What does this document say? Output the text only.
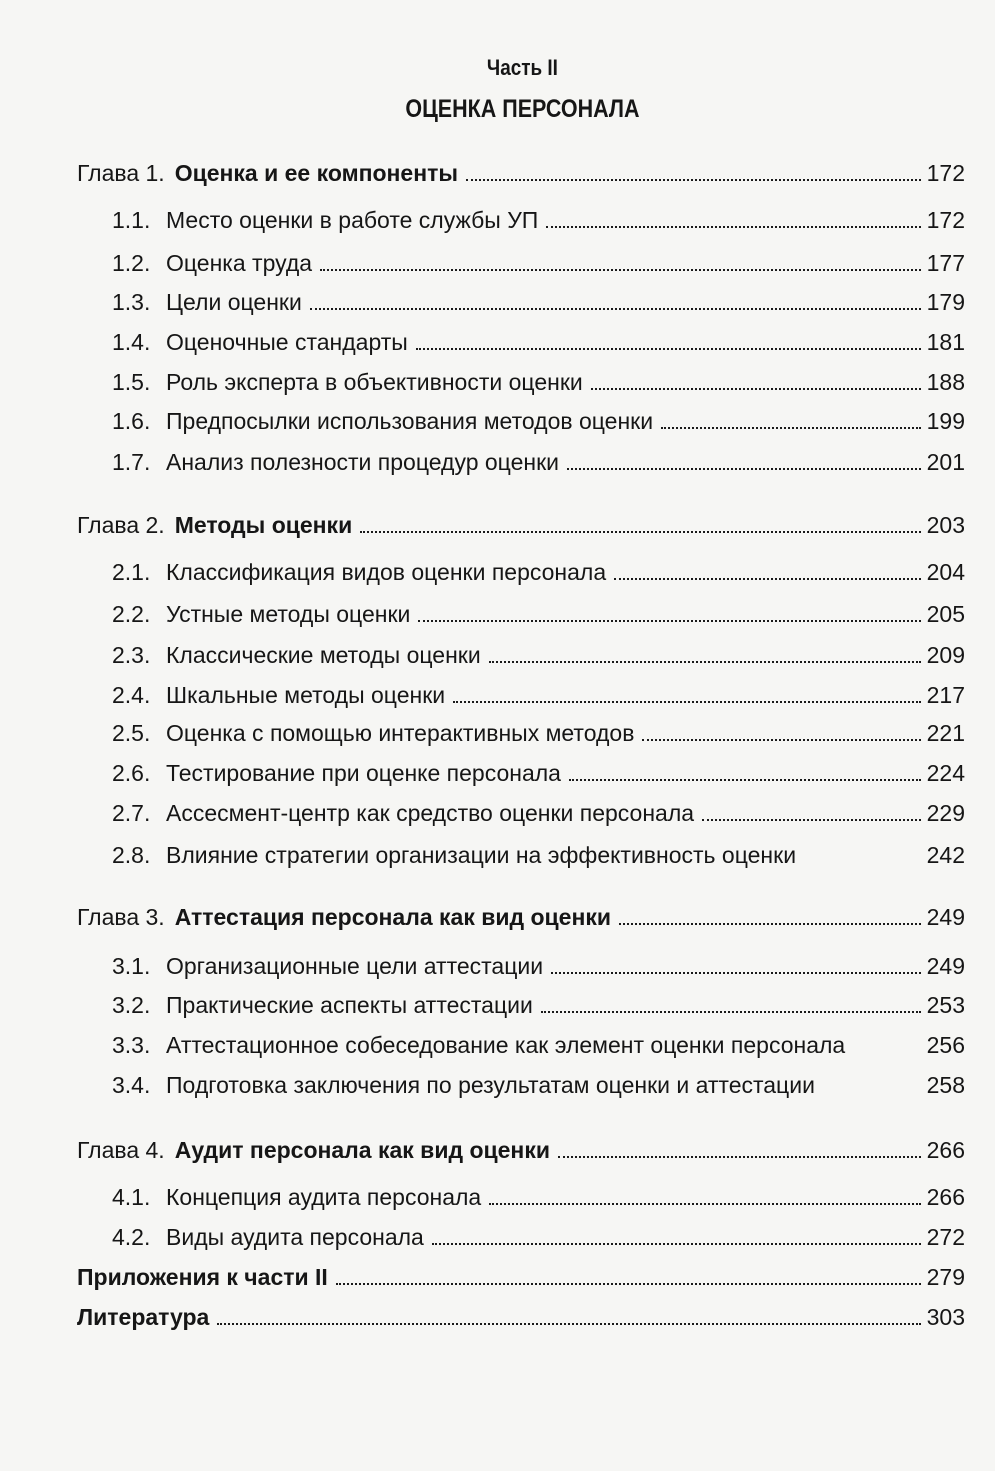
Часть II
ОЦЕНКА ПЕРСОНАЛА
Глава 1. Оценка и ее компоненты	172
1.1. Место оценки в работе службы УП	172
1.2. Оценка труда	177
1.3. Цели оценки	179
1.4. Оценочные стандарты	181
1.5. Роль эксперта в объективности оценки	188
1.6. Предпосылки использования методов оценки	199
1.7. Анализ полезности процедур оценки	201
Глава 2. Методы оценки	203
2.1. Классификация видов оценки персонала	204
2.2. Устные методы оценки	205
2.3. Классические методы оценки	209
2.4. Шкальные методы оценки	217
2.5. Оценка с помощью интерактивных методов	221
2.6. Тестирование при оценке персонала	224
2.7. Ассесмент-центр как средство оценки персонала	229
2.8. Влияние стратегии организации на эффективность оценки	242
Глава 3. Аттестация персонала как вид оценки	249
3.1. Организационные цели аттестации	249
3.2. Практические аспекты аттестации	253
3.3. Аттестационное собеседование как элемент оценки персонала	256
3.4. Подготовка заключения по результатам оценки и аттестации	258
Глава 4. Аудит персонала как вид оценки	266
4.1. Концепция аудита персонала	266
4.2. Виды аудита персонала	272
Приложения к части II	279
Литература	303
